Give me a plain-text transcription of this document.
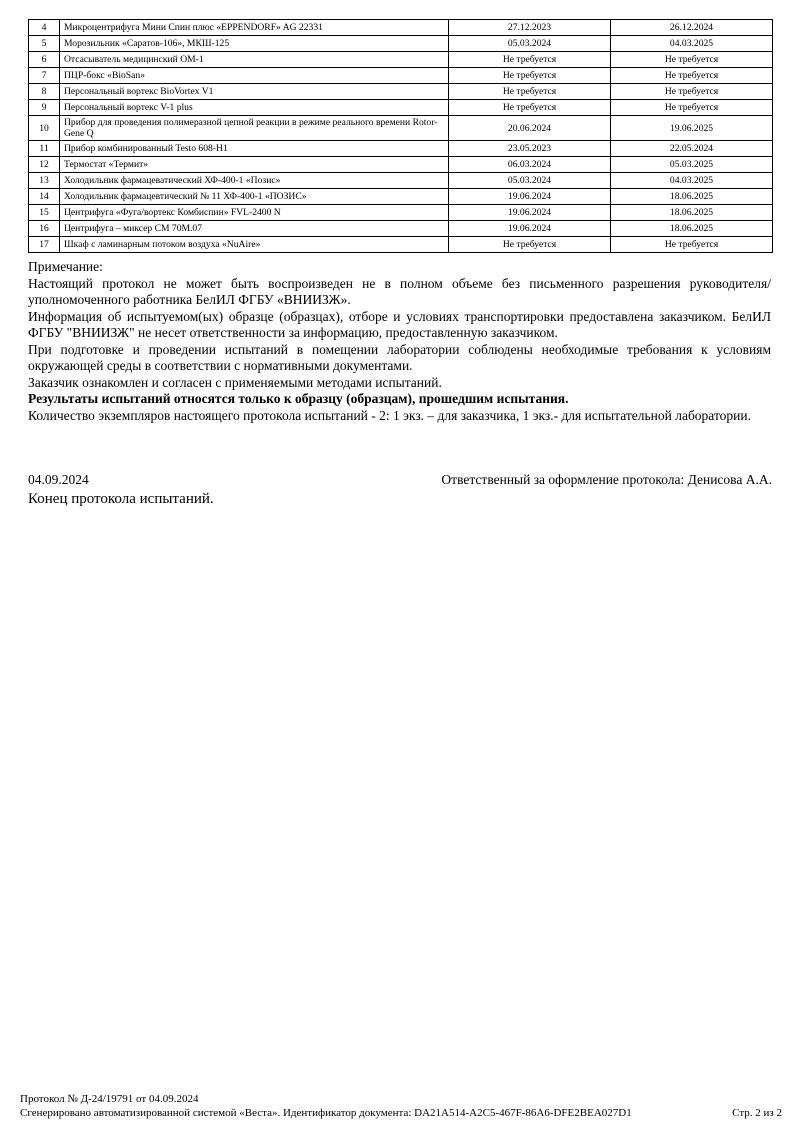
4	Микроцентрифуга Мини Спин плюс «EPPENDORF» AG 22331	27.12.2023	26.12.2024
5	Морозильник «Саратов-106», МКШ-125	05.03.2024	04.03.2025
6	Отсасыватель медицинский ОМ-1	Не требуется	Не требуется
7	ПЦР-бокс «BioSan»	Не требуется	Не требуется
8	Персональный вортекс BioVortex V1	Не требуется	Не требуется
9	Персональный вортекс V-1 plus	Не требуется	Не требуется
10	Прибор для проведения полимеразной цепной реакции в режиме реального времени Rotor-Gene Q	20.06.2024	19.06.2025
11	Прибор комбинированный Testo 608-H1	23.05.2023	22.05.2024
12	Термостат «Термит»	06.03.2024	05.03.2025
13	Холодильник фармацеватический ХФ-400-1 «Позис»	05.03.2024	04.03.2025
14	Холодильник фармацевтический № 11 ХФ-400-1 «ПОЗИС»	19.06.2024	18.06.2025
15	Центрифуга «Фуга/вортекс Комбиспин» FVL-2400 N	19.06.2024	18.06.2025
16	Центрифуга – миксер СМ 70М.07	19.06.2024	18.06.2025
17	Шкаф с ламинарным потоком воздуха «NuAire»	Не требуется	Не требуется

Примечание:

Настоящий протокол не может быть воспроизведен не в полном объеме без письменного разрешения руководителя/уполномоченного работника БелИЛ ФГБУ «ВНИИЗЖ».

Информация об испытуемом(ых) образце (образцах), отборе и условиях транспортировки предоставлена заказчиком. БелИЛ ФГБУ "ВНИИЗЖ" не несет ответственности за информацию, предоставленную заказчиком.

При подготовке и проведении испытаний в помещении лаборатории соблюдены необходимые требования к условиям окружающей среды в соответствии с нормативными документами.

Заказчик ознакомлен и согласен с применяемыми методами испытаний.

Результаты испытаний относятся только к образцу (образцам), прошедшим испытания.

Количество экземпляров настоящего протокола испытаний - 2: 1 экз. – для заказчика, 1 экз.- для испытательной лаборатории.

04.09.2024	Ответственный за оформление протокола: Денисова А.А.
Конец протокола испытаний.
Протокол № Д-24/19791 от 04.09.2024
Сгенерировано автоматизированной системой «Веста». Идентификатор документа: DA21A514-A2C5-467F-86A6-DFE2BEA027D1	Стр. 2 из 2
